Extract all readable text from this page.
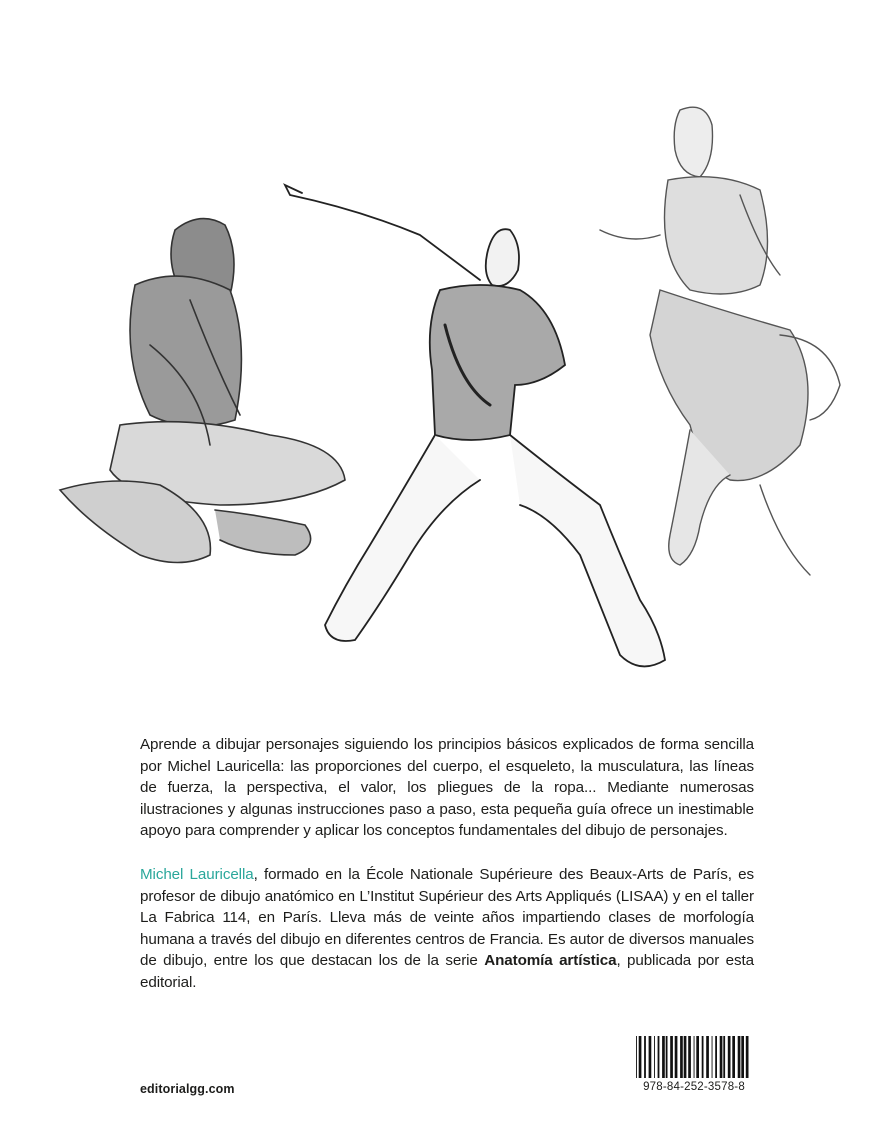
Aprende a dibujar personajes siguiendo los principios básicos explicados de forma sencilla por Michel Lauricella: las proporciones del cuerpo, el esqueleto, la musculatura, las líneas de fuerza, la perspectiva, el valor, los pliegues de la ropa... Mediante numerosas ilustraciones y algunas instrucciones paso a paso, esta pequeña guía ofrece un inestimable apoyo para comprender y aplicar los conceptos fundamentales del dibujo de personajes.
Michel Lauricella, formado en la École Nationale Supérieure des Beaux-Arts de París, es profesor de dibujo anatómico en L’Institut Supérieur des Arts Appliqués (LISAA) y en el taller La Fabrica 114, en París. Lleva más de veinte años impartiendo clases de morfología humana a través del dibujo en diferentes centros de Francia. Es autor de diversos manuales de dibujo, entre los que destacan los de la serie Anatomía artística, publicada por esta editorial.
editorialgg.com	978-84-252-3578-8
